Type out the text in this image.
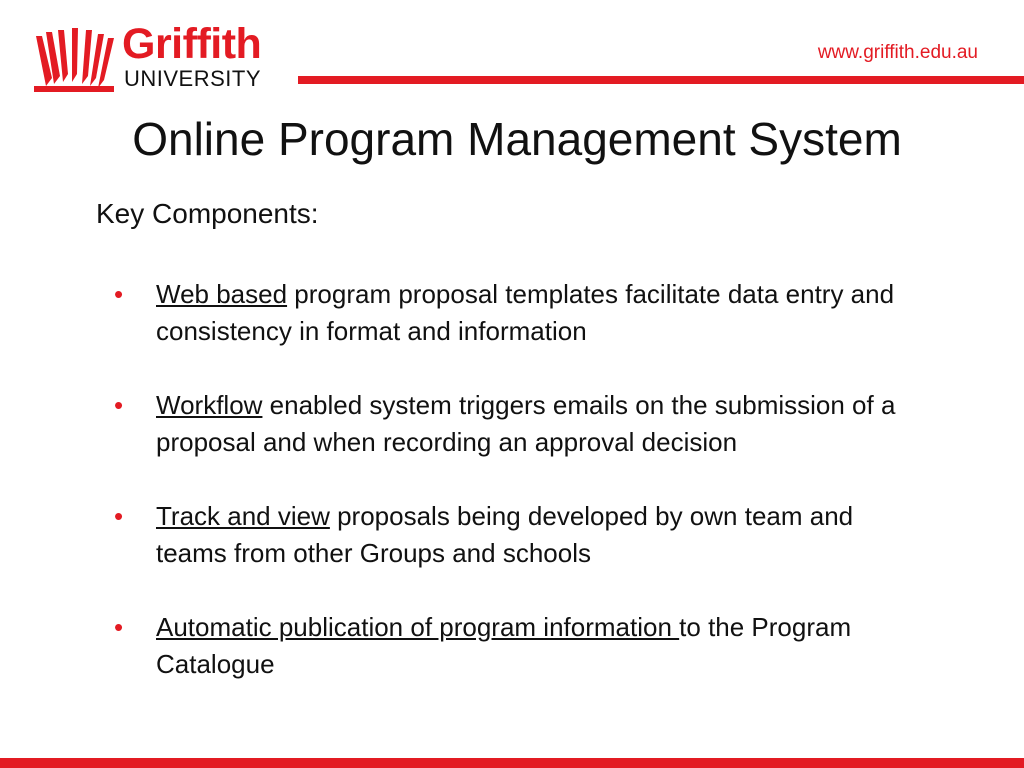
Griffith
UNIVERSITY
www.griffith.edu.au
Online Program Management System
Key Components:
• Web based program proposal templates facilitate data entry and consistency in format and information
• Workflow enabled system triggers emails on the submission of a proposal and when recording an approval decision
• Track and view proposals being developed by own team and teams from other Groups and schools
• Automatic publication of program information to the Program Catalogue
